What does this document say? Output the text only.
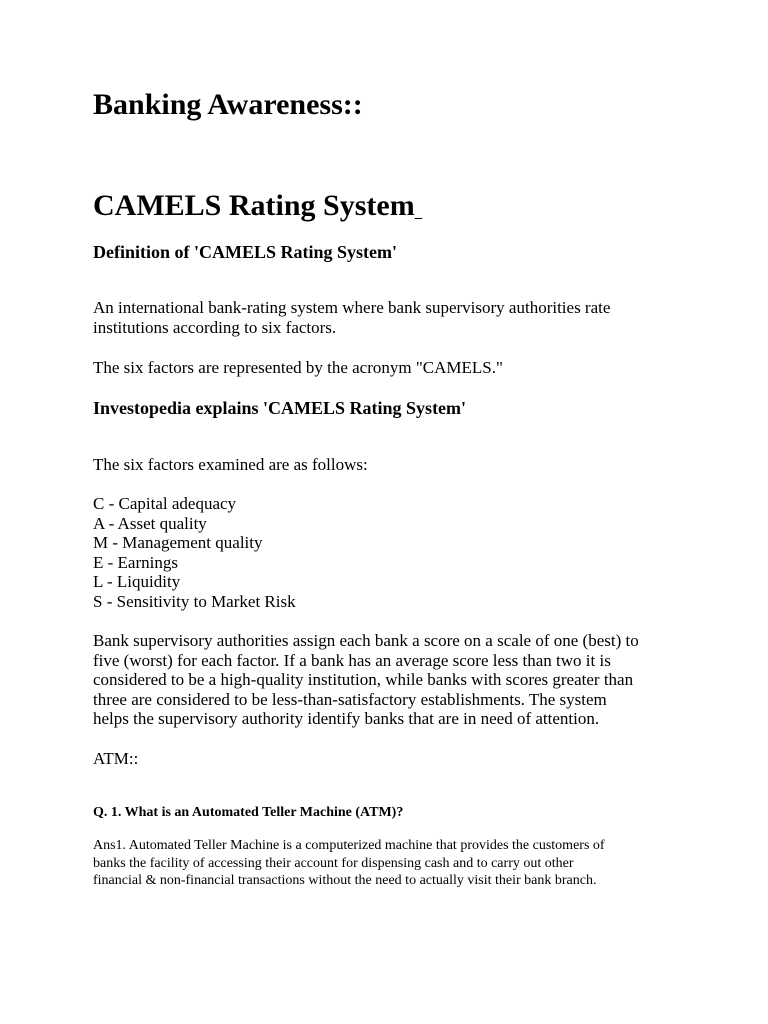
Banking Awareness::
CAMELS Rating System
Definition of 'CAMELS Rating System'
An international bank-rating system where bank supervisory authorities rate
institutions according to six factors.

The six factors are represented by the acronym "CAMELS."

Investopedia explains 'CAMELS Rating System'

The six factors examined are as follows:

C - Capital adequacy
A - Asset quality
M - Management quality
E - Earnings
L - Liquidity
S - Sensitivity to Market Risk
Bank supervisory authorities assign each bank a score on a scale of one (best) to
five (worst) for each factor. If a bank has an average score less than two it is
considered to be a high-quality institution, while banks with scores greater than
three are considered to be less-than-satisfactory establishments. The system
helps the supervisory authority identify banks that are in need of attention.

ATM::

Q. 1. What is an Automated Teller Machine (ATM)?
Ans1. Automated Teller Machine is a computerized machine that provides the customers of
banks the facility of accessing their account for dispensing cash and to carry out other
financial & non-financial transactions without the need to actually visit their bank branch.
